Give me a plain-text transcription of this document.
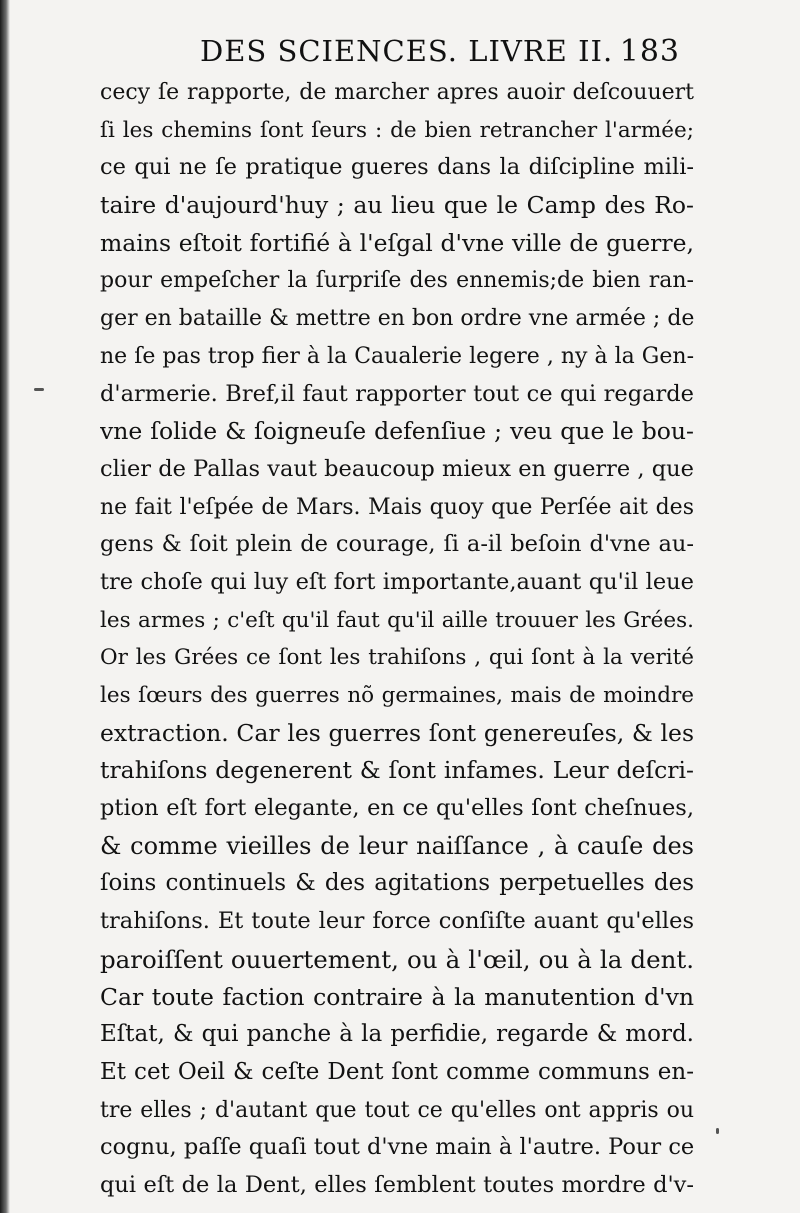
DES SCIENCES. LIVRE II. 183
cecy ſe rapporte, de marcher apres auoir deſcouuert
ſi les chemins ſont ſeurs : de bien retrancher l'armée;
ce qui ne ſe pratique gueres dans la diſcipline mili-
taire d'aujourd'huy ; au lieu que le Camp des Ro-
mains eſtoit fortifié à l'eſgal d'vne ville de guerre,
pour empeſcher la ſurpriſe des ennemis;de bien ran-
ger en bataille & mettre en bon ordre vne armée ; de
ne ſe pas trop fier à la Caualerie legere , ny à la Gen-
d'armerie. Bref,il faut rapporter tout ce qui regarde
vne ſolide & ſoigneuſe defenſiue ; veu que le bou-
clier de Pallas vaut beaucoup mieux en guerre , que
ne fait l'eſpée de Mars. Mais quoy que Perſée ait des
gens & ſoit plein de courage, ſi a-il beſoin d'vne au-
tre choſe qui luy eſt fort importante,auant qu'il leue
les armes ; c'eſt qu'il faut qu'il aille trouuer les Grées.
Or les Grées ce ſont les trahiſons , qui ſont à la verité
les ſœurs des guerres nõ germaines, mais de moindre
extraction. Car les guerres ſont genereuſes, & les
trahiſons degenerent & ſont infames. Leur deſcri-
ption eſt fort elegante, en ce qu'elles ſont cheſnues,
& comme vieilles de leur naiſſance , à cauſe des
ſoins continuels & des agitations perpetuelles des
trahiſons. Et toute leur force conſiſte auant qu'elles
paroiſſent ouuertement, ou à l'œil, ou à la dent.
Car toute faction contraire à la manutention d'vn
Eſtat, & qui panche à la perfidie, regarde & mord.
Et cet Oeil & ceſte Dent ſont comme communs en-
tre elles ; d'autant que tout ce qu'elles ont appris ou
cognu, paſſe quaſi tout d'vne main à l'autre. Pour ce
qui eſt de la Dent, elles ſemblent toutes mordre d'v-
